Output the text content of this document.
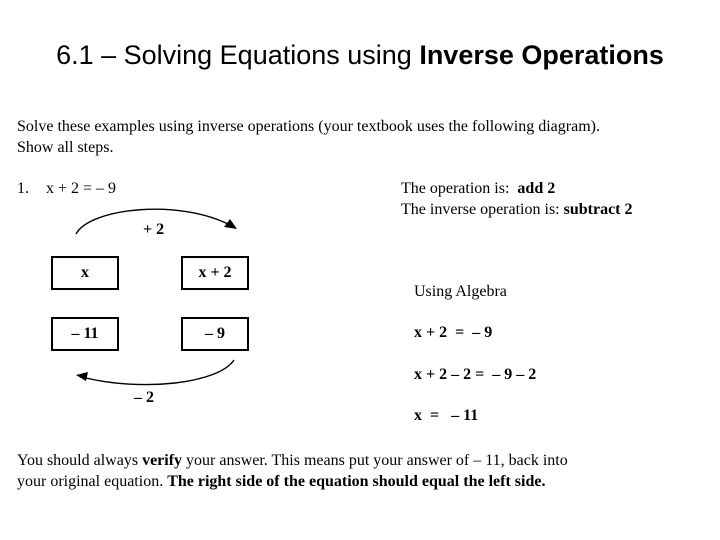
6.1 – Solving Equations using Inverse Operations
Solve these examples using inverse operations (your textbook uses the following diagram).
Show all steps.
1. x + 2 = – 9	The operation is: add 2
The inverse operation is: subtract 2
+ 2
– 2
x	x + 2
– 11	– 9
Using Algebra
x + 2  =  – 9
x + 2 – 2 =  – 9 – 2
x  =   – 11
You should always verify your answer. This means put your answer of – 11, back into
your original equation. The right side of the equation should equal the left side.
